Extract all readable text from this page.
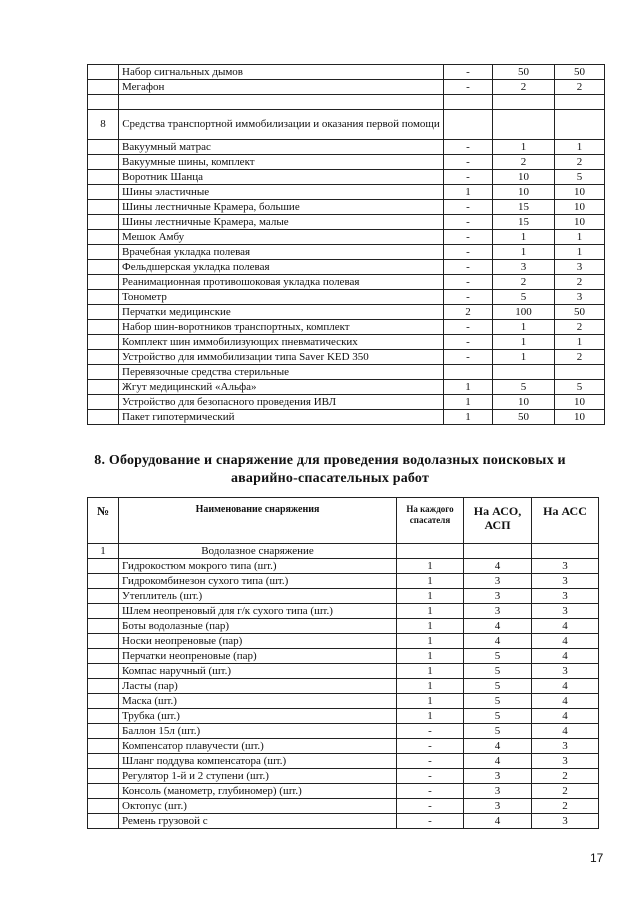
	Набор сигнальных дымов	-	50	50
	Мегафон	-	2	2

8	Средства транспортной иммобилизации и оказания первой помощи			
	Вакуумный матрас	-	1	1
	Вакуумные шины, комплект	-	2	2
	Воротник Шанца	-	10	5
	Шины эластичные	1	10	10
	Шины лестничные Крамера, большие	-	15	10
	Шины лестничные Крамера, малые	-	15	10
	Мешок Амбу	-	1	1
	Врачебная укладка полевая	-	1	1
	Фельдшерская укладка полевая	-	3	3
	Реанимационная противошоковая укладка полевая	-	2	2
	Тонометр	-	5	3
	Перчатки медицинские	2	100	50
	Набор шин-воротников транспортных, комплект	-	1	2
	Комплект шин иммобилизующих пневматических	-	1	1
	Устройство для иммобилизации типа Saver KED 350	-	1	2
	Перевязочные средства стерильные			
	Жгут медицинский «Альфа»	1	5	5
	Устройство для безопасного проведения ИВЛ	1	10	10
	Пакет гипотермический	1	50	10
8. Оборудование и снаряжение для проведения водолазных поисковых и
аварийно-спасательных работ
№	Наименование снаряжения	На каждого спасателя	На АСО, АСП	На АСС
1	Водолазное снаряжение			
	Гидрокостюм мокрого типа (шт.)	1	4	3
	Гидрокомбинезон сухого типа (шт.)	1	3	3
	Утеплитель (шт.)	1	3	3
	Шлем неопреновый для г/к сухого типа (шт.)	1	3	3
	Боты водолазные (пар)	1	4	4
	Носки неопреновые (пар)	1	4	4
	Перчатки неопреновые (пар)	1	5	4
	Компас наручный (шт.)	1	5	3
	Ласты (пар)	1	5	4
	Маска (шт.)	1	5	4
	Трубка (шт.)	1	5	4
	Баллон 15л (шт.)	-	5	4
	Компенсатор плавучести (шт.)	-	4	3
	Шланг поддува компенсатора (шт.)	-	4	3
	Регулятор 1-й и 2 ступени (шт.)	-	3	2
	Консоль (манометр, глубиномер) (шт.)	-	3	2
	Октопус (шт.)	-	3	2
	Ремень грузовой с	-	4	3
17
